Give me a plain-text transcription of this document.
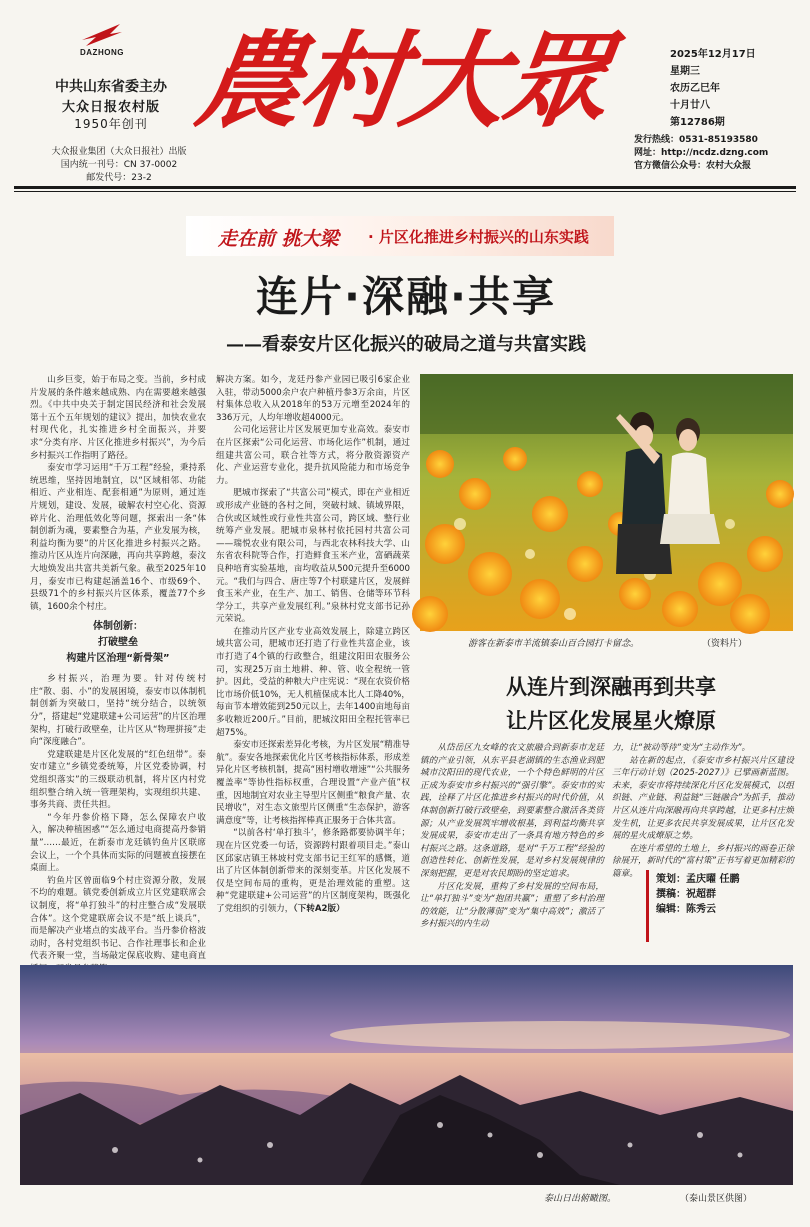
DAZHONG
中共山东省委主办
大众日报农村版
1950年创刊
大众报业集团（大众日报社）出版
国内统一刊号：CN 37-0002
邮发代号：23-2
農村大眾	2025年12月17日
星期三
农历乙巳年
十月廿八
第12786期
发行热线：0531-85193580
网址：http://ncdz.dzng.com
官方微信公众号：农村大众报
走在前 挑大梁 · 片区化推进乡村振兴的山东实践
连片·深融·共享
——看泰安片区化振兴的破局之道与共富实践

山乡巨变，始于布局之变。当前，乡村成片发展的条件越来越成熟、内在需要越来越强烈。《中共中央关于制定国民经济和社会发展第十五个五年规划的建议》提出，加快农业农村现代化，扎实推进乡村全面振兴，并要求“分类有序、片区化推进乡村振兴”，为今后乡村振兴工作指明了路径。

泰安市学习运用“千万工程”经验，秉持系统思维，坚持因地制宜，以“区域相邻、功能相近、产业相连、配套相通”为原则，通过连片规划，建设、发展，破解农村空心化、资源碎片化、治理低效化等问题，探索出一条“体制创新为魂，要素整合为基，产业发展为核，利益均衡为要”的片区化推进乡村振兴之路。推动片区从连片向深融，再向共享跨越，泰汶大地焕发出共富共美新气象。截至2025年10月，泰安市已构建起涵盖16个、市级69个、县级71个的乡村振兴片区体系，覆盖77个乡镇，1600余个村庄。

体制创新：
打破壁垒
构建片区治理“新骨架”

乡村振兴，治理为要。针对传统村庄“散、弱、小”的发展困境，泰安市以体制机制创新为突破口，坚持“统分结合，以统领分”，搭建起“党建联建+公司运营”的片区治理架构，打破行政壁垒，让片区从“物理拼接”走向“深度融合”。

党建联建是片区化发展的“红色纽带”。泰安市建立“乡镇党委统筹，片区党委协调，村党组织落实”的三级联动机制，将片区内村党组织整合纳入统一管理架构，实现组织共建、事务共商、责任共担。

“今年丹参价格下降，怎么保障农户收入，解决种植困惑”“怎么通过电商提高丹参销量”……最近，在新泰市龙廷镇钓鱼片区联席会议上，一个个具体而实际的问题被直接摆在桌面上。

钓鱼片区曾面临9个村庄资源分散，发展不均的难题。镇党委创新成立片区党建联席会议制度，将“单打独斗”的村庄整合成“发展联合体”。这个党建联席会议不是“纸上谈兵”，而是解决产业堵点的实战平台。当丹参价格波动时，各村党组织书记、合作社理事长和企业代表齐聚一堂，当场敲定保底收购、建电商直

解决方案。如今，龙廷丹参产业园已吸引6家企业入驻，带动5000余户农户种植丹参3万余亩，片区村集体总收入从2018年的53万元增至2024年的336万元，人均年增收超4000元。

公司化运营让片区发展更加专业高效。泰安市在片区探索“公司化运营、市场化运作”机制，通过组建共富公司，联合社等方式，将分散资源资产化、产业运营专业化，提升抗风险能力和市场竞争力。

肥城市探索了“共富公司”模式，即在产业相近或形成产业链的各村之间，突破村域、镇域界限，合伙或区域性或行业性共富公司，跨区域、整行业统筹产业发展。肥城市泉林村依托园村共富公司——瑞悦农业有限公司，与西北农林科技大学、山东省农科院等合作，打造鲜食玉米产业，富硒蔬菜良种培育实验基地，亩均收益从500元提升至6000元。“我们与四合、唐庄等7个村联建片区，发展鲜食玉米产业，在生产、加工、销售、仓储等环节科学分工，共享产业发展红利。”泉林村党支部书记孙元荣说。

在推动片区产业专业高效发展上，除建立跨区域共富公司，肥城市还打造了行业性共富企业，该市打造了4个镇的行政整合，组建汶阳田农服务公司，实现25万亩土地耕、种、管、收全程统一管护。因此，受益的种粮大户庄宪说：“现在农资价格比市场价低10%，无人机植保成本比人工降40%，每亩节本增效能到250元以上，去年1400亩地每亩多收粮近200斤。”目前，肥城汶阳田全程托管率已超75%。

泰安市还探索差异化考核，为片区发展“精准导航”。泰安各地探索优化片区考核指标体系，形成差异化片区考核机制，提高“困村增收增速”“公共服务覆盖率”等协性指标权重，合理设置“产业产值”权重，因地制宜对农业主导型片区侧重“粮食产量、农民增收”，对生态文旅型片区侧重“生态保护，游客满意度”等，让考核指挥棒真正服务于合体共富。

“以前各村‘单打独斗’，修条路都要协调半年；现在片区党委一句话，资源跨村跟着项目走。”泰山区邱家店镇王林坡村党支部书记王红军的感慨，道出了片区体制创新带来的深刻变革。片区化发展不仅是空间布局的重构，更是治理效能的重塑。这种“党建联建+公司运营”的片区制度架构，既强化了党组织的引领力，（下转A2版）

游客在新泰市羊流镇泰山百合园打卡留念。	（资料片）
从连片到深融再到共享
让片区化发展星火燎原

从岱岳区九女峰的农文旅融合到新泰市龙廷镇的产业引领，从东平县老湖镇的生态渔业到肥城市汶阳田的现代农业，一个个特色鲜明的片区正成为泰安市乡村振兴的“强引擎”。泰安市的实践，诠释了片区化推进乡村振兴的时代价值，从体制创新打破行政壁垒，到要素整合激活各类资源；从产业发展筑牢增收根基，到利益均衡共享发展成果，泰安市走出了一条具有地方特色的乡村振兴之路。这条道路，是对“千万工程”经验的创造性转化、创新性发展，是对乡村发展规律的深刻把握，更是对农民期盼的坚定追求。

片区化发展，重构了乡村发展的空间布局，让“单打独斗”变为“抱团共赢”；重塑了乡村治理的效能，让“分散薄弱”变为“集中高效”；激活了乡村振兴的内生动

力，让“被动等待”变为“主动作为”。

站在新的起点，《泰安市乡村振兴片区建设三年行动计划（2025-2027）》已擘画新蓝图。未来，泰安市将持续深化片区化发展模式，以组织链、产业链、利益链“三链融合”为抓手，推动片区从连片向深融再向共享跨越，让更多村庄焕发生机，让更多农民共享发展成果，让片区化发展的星火成燎原之势。

在连片希望的土地上，乡村振兴的画卷正徐徐展开，新时代的“富村策”正书写着更加精彩的篇章。

策划：孟庆曜 任鹏
撰稿：祝超群
编辑：陈秀云
泰山日出俯瞰图。	（泰山景区供图）
